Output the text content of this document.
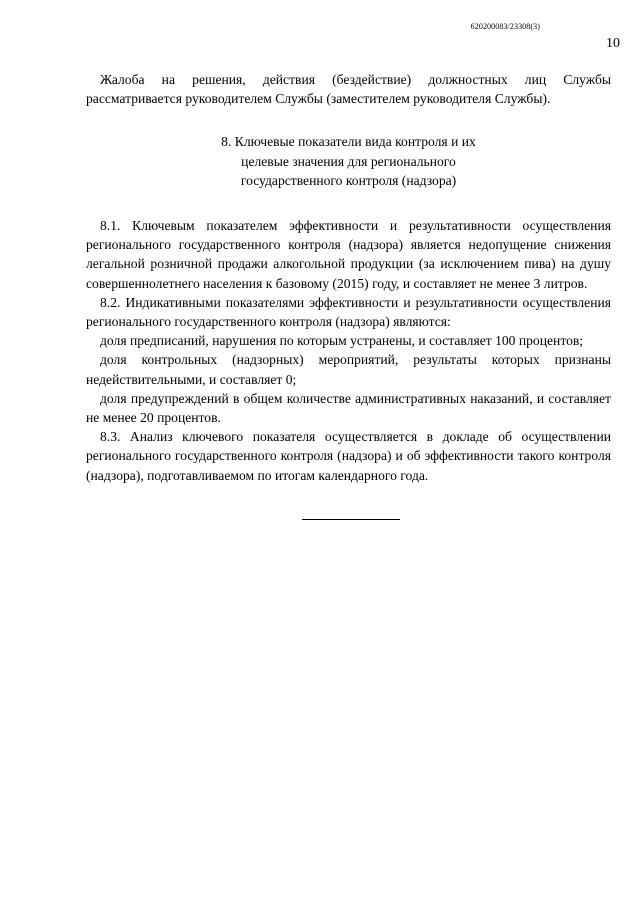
620200083/23308(3)
10

Жалоба на решения, действия (бездействие) должностных лиц Службы рассматривается руководителем Службы (заместителем руководителя Службы).

8. Ключевые показатели вида контроля и их
целевые значения для регионального
государственного контроля (надзора)

8.1. Ключевым показателем эффективности и результативности осуществления регионального государственного контроля (надзора) является недопущение снижения легальной розничной продажи алкогольной продукции (за исключением пива) на душу совершеннолетнего населения к базовому (2015) году, и составляет не менее 3 литров.

8.2. Индикативными показателями эффективности и результативности осуществления регионального государственного контроля (надзора) являются:

доля предписаний, нарушения по которым устранены, и составляет 100 процентов;

доля контрольных (надзорных) мероприятий, результаты которых признаны недействительными, и составляет 0;

доля предупреждений в общем количестве административных наказаний, и составляет не менее 20 процентов.

8.3. Анализ ключевого показателя осуществляется в докладе об осуществлении регионального государственного контроля (надзора) и об эффективности такого контроля (надзора), подготавливаемом по итогам календарного года.
